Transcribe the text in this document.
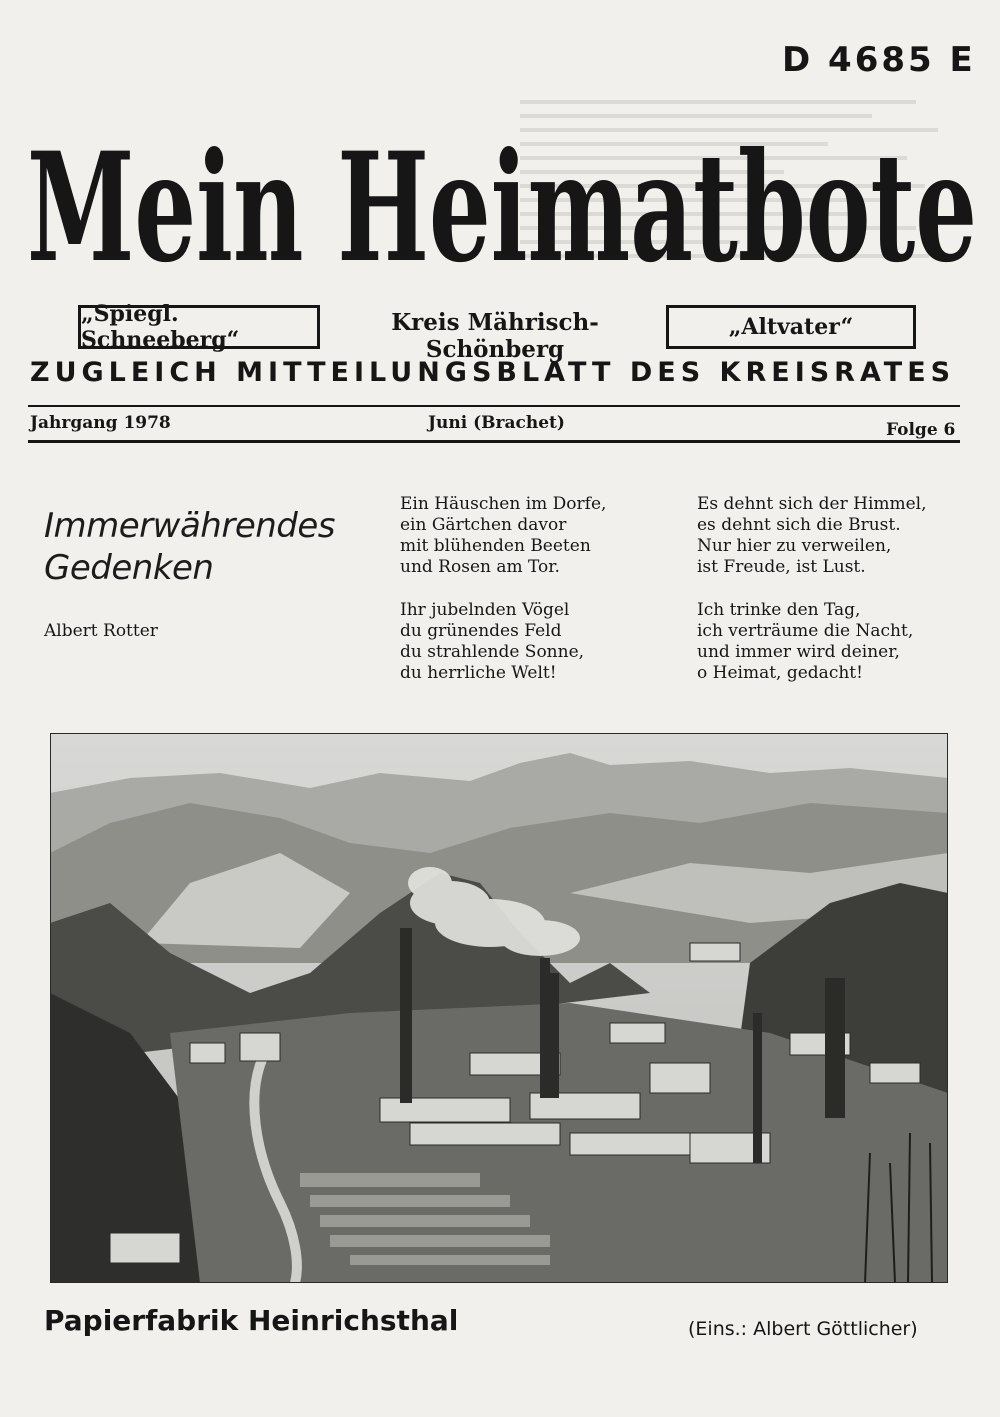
D 4685 E
Mein Heimatbote
„Spiegl. Schneeberg“
Kreis Mährisch-Schönberg
„Altvater“
ZUGLEICH MITTEILUNGSBLATT DES KREISRATES
Jahrgang 1978	Juni (Brachet)	Folge 6
Immerwährendes
Gedenken
Albert Rotter
Ein Häuschen im Dorfe,
ein Gärtchen davor
mit blühenden Beeten
und Rosen am Tor.
Ihr jubelnden Vögel
du grünendes Feld
du strahlende Sonne,
du herrliche Welt!
Es dehnt sich der Himmel,
es dehnt sich die Brust.
Nur hier zu verweilen,
ist Freude, ist Lust.
Ich trinke den Tag,
ich verträume die Nacht,
und immer wird deiner,
o Heimat, gedacht!
Papierfabrik Heinrichsthal	(Eins.: Albert Göttlicher)
